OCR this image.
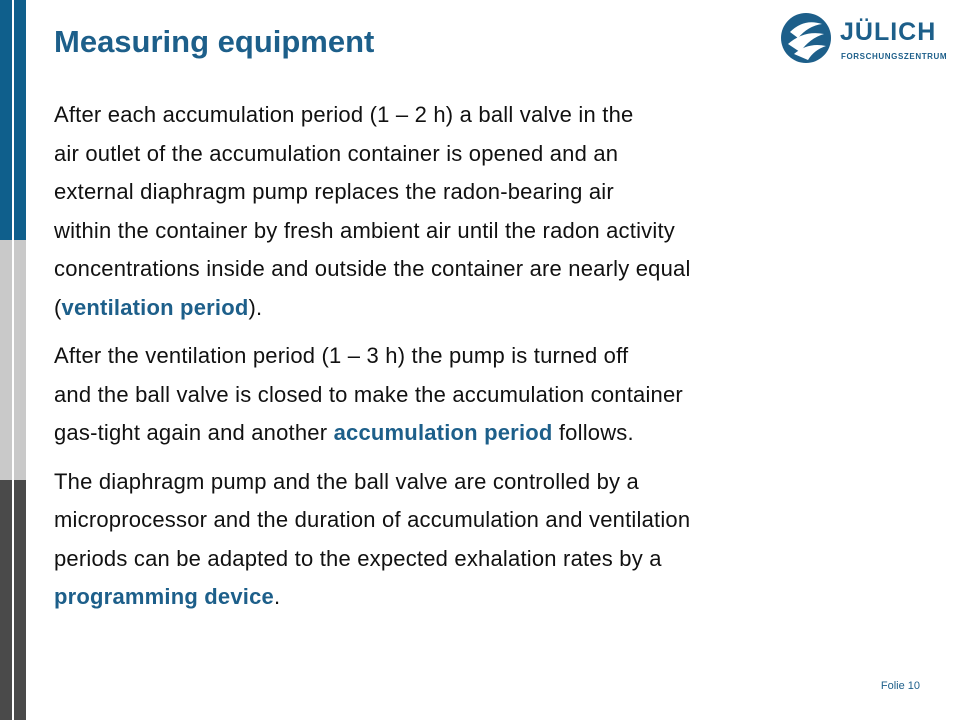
Measuring equipment	JÜLICH
FORSCHUNGSZENTRUM

After each accumulation period (1 – 2 h) a ball valve in the
air outlet of the accumulation container is opened and an
external diaphragm pump replaces the radon-bearing air
within the container by fresh ambient air until the radon activity
concentrations inside and outside the container are nearly equal
(ventilation period).

After the ventilation period (1 – 3 h) the pump is turned off
and the ball valve is closed to make the accumulation container
gas-tight again and another accumulation period follows.

The diaphragm pump and the ball valve are controlled by a
microprocessor and the duration of accumulation and ventilation
periods can be adapted to the expected exhalation rates by a
programming device.

Folie 10
